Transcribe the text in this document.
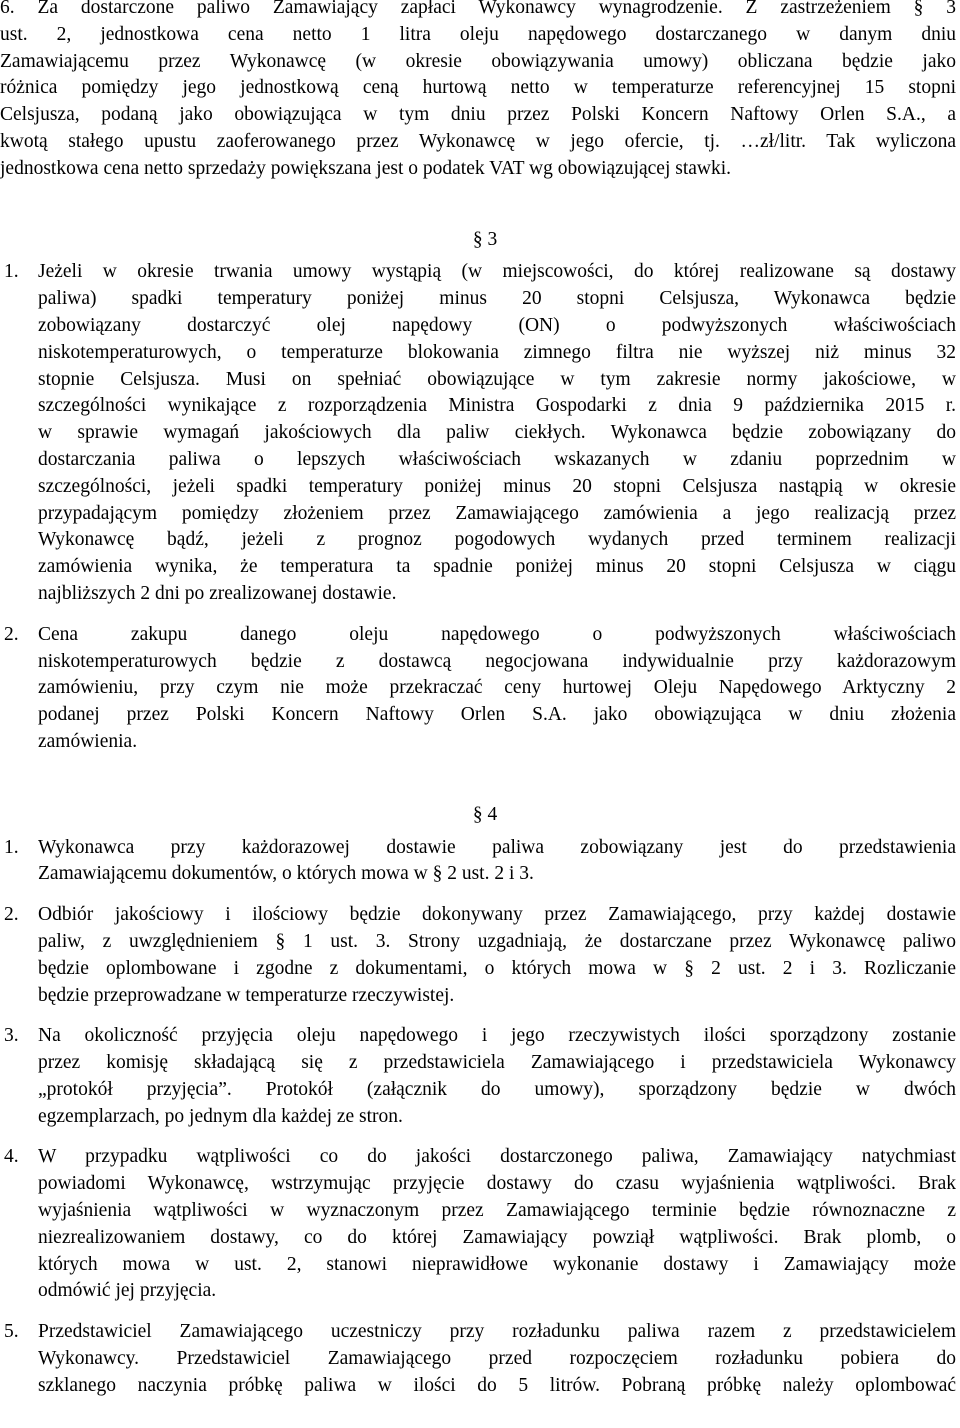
6. Za dostarczone paliwo Zamawiający zapłaci Wykonawcy wynagrodzenie. Z zastrzeżeniem § 3
ust. 2, jednostkowa cena netto 1 litra oleju napędowego dostarczanego w danym dniu
Zamawiającemu przez Wykonawcę (w okresie obowiązywania umowy) obliczana będzie jako
różnica pomiędzy jego jednostkową ceną hurtową netto w temperaturze referencyjnej 15 stopni
Celsjusza, podaną jako obowiązująca w tym dniu przez Polski Koncern Naftowy Orlen S.A., a
kwotą stałego upustu zaoferowanego przez Wykonawcę w jego ofercie, tj. …zł/litr. Tak wyliczona
jednostkowa cena netto sprzedaży powiększana jest o podatek VAT wg obowiązującej stawki.
§ 3
1. Jeżeli w okresie trwania umowy wystąpią (w miejscowości, do której realizowane są dostawy
paliwa) spadki temperatury poniżej minus 20 stopni Celsjusza, Wykonawca będzie
zobowiązany dostarczyć olej napędowy (ON) o podwyższonych właściwościach
niskotemperaturowych, o temperaturze blokowania zimnego filtra nie wyższej niż minus 32
stopnie Celsjusza. Musi on spełniać obowiązujące w tym zakresie normy jakościowe, w
szczególności wynikające z rozporządzenia Ministra Gospodarki z dnia 9 października 2015 r.
w sprawie wymagań jakościowych dla paliw ciekłych. Wykonawca będzie zobowiązany do
dostarczania paliwa o lepszych właściwościach wskazanych w zdaniu poprzednim w
szczególności, jeżeli spadki temperatury poniżej minus 20 stopni Celsjusza nastąpią w okresie
przypadającym pomiędzy złożeniem przez Zamawiającego zamówienia a jego realizacją przez
Wykonawcę bądź, jeżeli z prognoz pogodowych wydanych przed terminem realizacji
zamówienia wynika, że temperatura ta spadnie poniżej minus 20 stopni Celsjusza w ciągu
najbliższych 2 dni po zrealizowanej dostawie.
2. Cena zakupu danego oleju napędowego o podwyższonych właściwościach
niskotemperaturowych będzie z dostawcą negocjowana indywidualnie przy każdorazowym
zamówieniu, przy czym nie może przekraczać ceny hurtowej Oleju Napędowego Arktyczny 2
podanej przez Polski Koncern Naftowy Orlen S.A. jako obowiązująca w dniu złożenia
zamówienia.
§ 4
1. Wykonawca przy każdorazowej dostawie paliwa zobowiązany jest do przedstawienia
Zamawiającemu dokumentów, o których mowa w § 2 ust. 2 i 3.
2. Odbiór jakościowy i ilościowy będzie dokonywany przez Zamawiającego, przy każdej dostawie
paliw, z uwzględnieniem § 1 ust. 3. Strony uzgadniają, że dostarczane przez Wykonawcę paliwo
będzie oplombowane i zgodne z dokumentami, o których mowa w § 2 ust. 2 i 3. Rozliczanie
będzie przeprowadzane w temperaturze rzeczywistej.
3. Na okoliczność przyjęcia oleju napędowego i jego rzeczywistych ilości sporządzony zostanie
przez komisję składającą się z przedstawiciela Zamawiającego i przedstawiciela Wykonawcy
„protokół przyjęcia”. Protokół (załącznik do umowy), sporządzony będzie w dwóch
egzemplarzach, po jednym dla każdej ze stron.
4. W przypadku wątpliwości co do jakości dostarczonego paliwa, Zamawiający natychmiast
powiadomi Wykonawcę, wstrzymując przyjęcie dostawy do czasu wyjaśnienia wątpliwości. Brak
wyjaśnienia wątpliwości w wyznaczonym przez Zamawiającego terminie będzie równoznaczne z
niezrealizowaniem dostawy, co do której Zamawiający powziął wątpliwości. Brak plomb, o
których mowa w ust. 2, stanowi nieprawidłowe wykonanie dostawy i Zamawiający może
odmówić jej przyjęcia.
5. Przedstawiciel Zamawiającego uczestniczy przy rozładunku paliwa razem z przedstawicielem
Wykonawcy. Przedstawiciel Zamawiającego przed rozpoczęciem rozładunku pobiera do
szklanego naczynia próbkę paliwa w ilości do 5 litrów. Pobraną próbkę należy oplombować
